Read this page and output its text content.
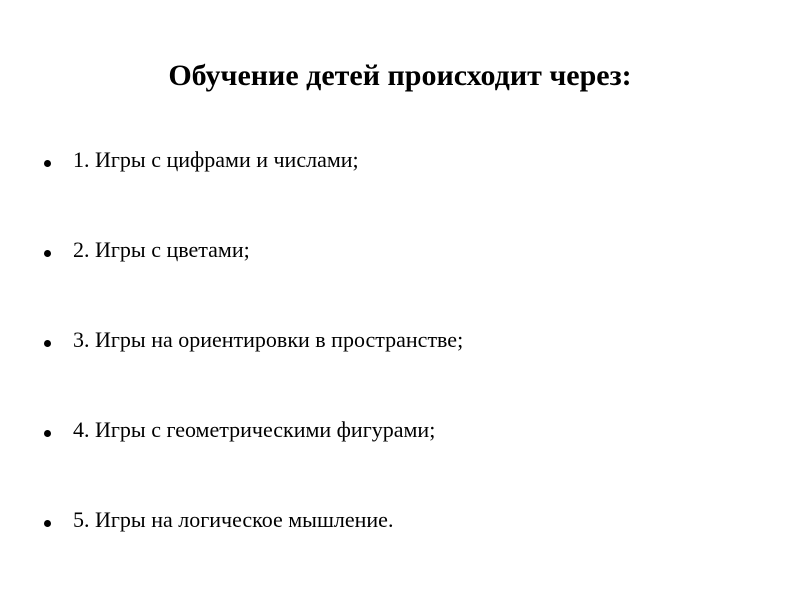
Обучение детей происходит через:
1. Игры с цифрами и числами;
2. Игры с цветами;
3. Игры на ориентировки в пространстве;
4. Игры с геометрическими фигурами;
5. Игры на логическое мышление.
